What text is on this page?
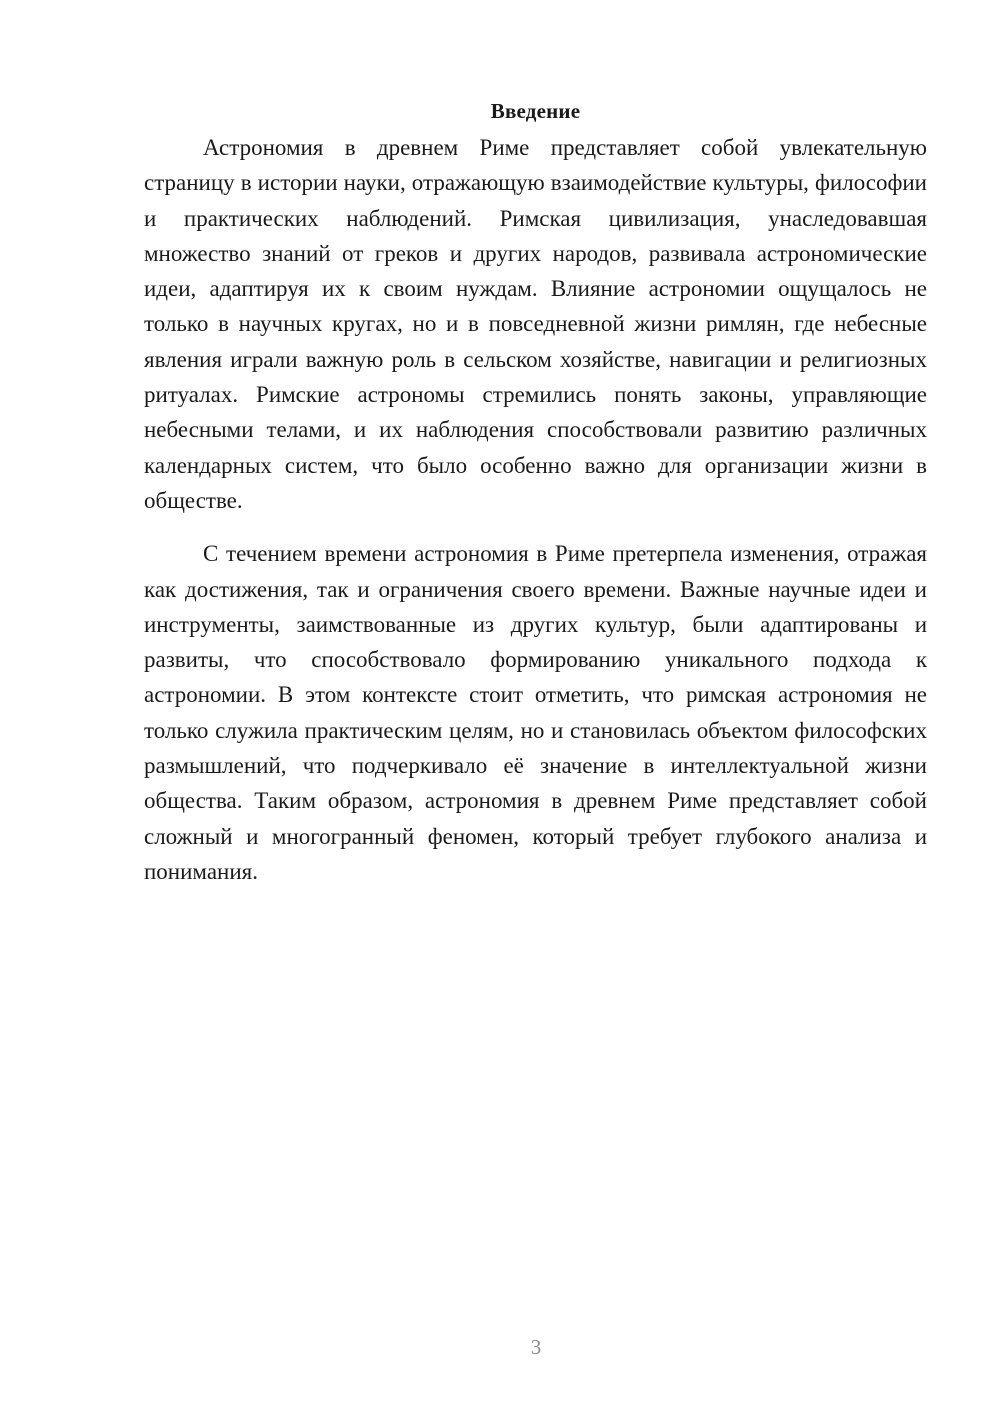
Введение

Астрономия в древнем Риме представляет собой увлекательную страницу в истории науки, отражающую взаимодействие культуры, философии и практических наблюдений. Римская цивилизация, унаследовавшая множество знаний от греков и других народов, развивала астрономические идеи, адаптируя их к своим нуждам. Влияние астрономии ощущалось не только в научных кругах, но и в повседневной жизни римлян, где небесные явления играли важную роль в сельском хозяйстве, навигации и религиозных ритуалах. Римские астрономы стремились понять законы, управляющие небесными телами, и их наблюдения способствовали развитию различных календарных систем, что было особенно важно для организации жизни в обществе.

С течением времени астрономия в Риме претерпела изменения, отражая как достижения, так и ограничения своего времени. Важные научные идеи и инструменты, заимствованные из других культур, были адаптированы и развиты, что способствовало формированию уникального подхода к астрономии. В этом контексте стоит отметить, что римская астрономия не только служила практическим целям, но и становилась объектом философских размышлений, что подчеркивало её значение в интеллектуальной жизни общества. Таким образом, астрономия в древнем Риме представляет собой сложный и многогранный феномен, который требует глубокого анализа и понимания.

3
